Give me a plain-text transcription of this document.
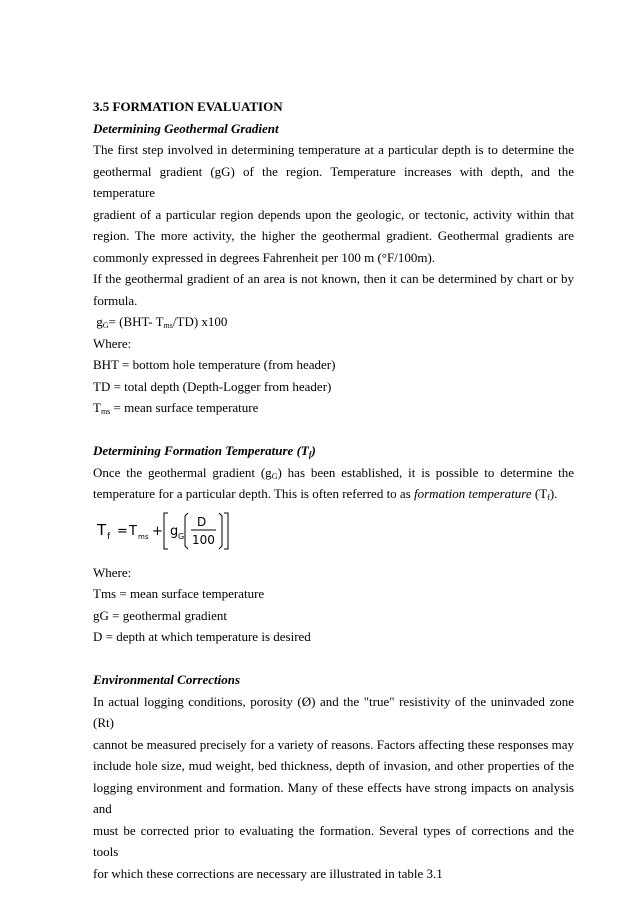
3.5 FORMATION EVALUATION

Determining Geothermal Gradient

The first step involved in determining temperature at a particular depth is to determine the

geothermal gradient (gG) of the region. Temperature increases with depth, and the temperature

gradient of a particular region depends upon the geologic, or tectonic, activity within that

region. The more activity, the higher the geothermal gradient. Geothermal gradients are

commonly expressed in degrees Fahrenheit per 100 m (°F/100m).

If the geothermal gradient of an area is not known, then it can be determined by chart or by

formula.

$g_G= (BHT-$ $T_{ms}/TD$) x100

Where:

BHT = bottom hole temperature (from header)

TD = total depth (Depth-Logger from header)

$T_{ms}$ = mean surface temperature

Determining Formation Temperature $(T_f)$

Once the geothermal gradient $(g_G)$ has been established, it is possible to determine the

temperature for a particular depth. This is often referred to as formation temperature $(T_f)$.

T f = T ms + g G
D
100

Where:

Tms = mean surface temperature

gG = geothermal gradient

D = depth at which temperature is desired

Environmental Corrections

In actual logging conditions, porosity (Ø) and the "true" resistivity of the uninvaded zone (Rt)

cannot be measured precisely for a variety of reasons. Factors affecting these responses may

include hole size, mud weight, bed thickness, depth of invasion, and other properties of the

logging environment and formation. Many of these effects have strong impacts on analysis and

must be corrected prior to evaluating the formation. Several types of corrections and the tools

for which these corrections are necessary are illustrated in table 3.1
